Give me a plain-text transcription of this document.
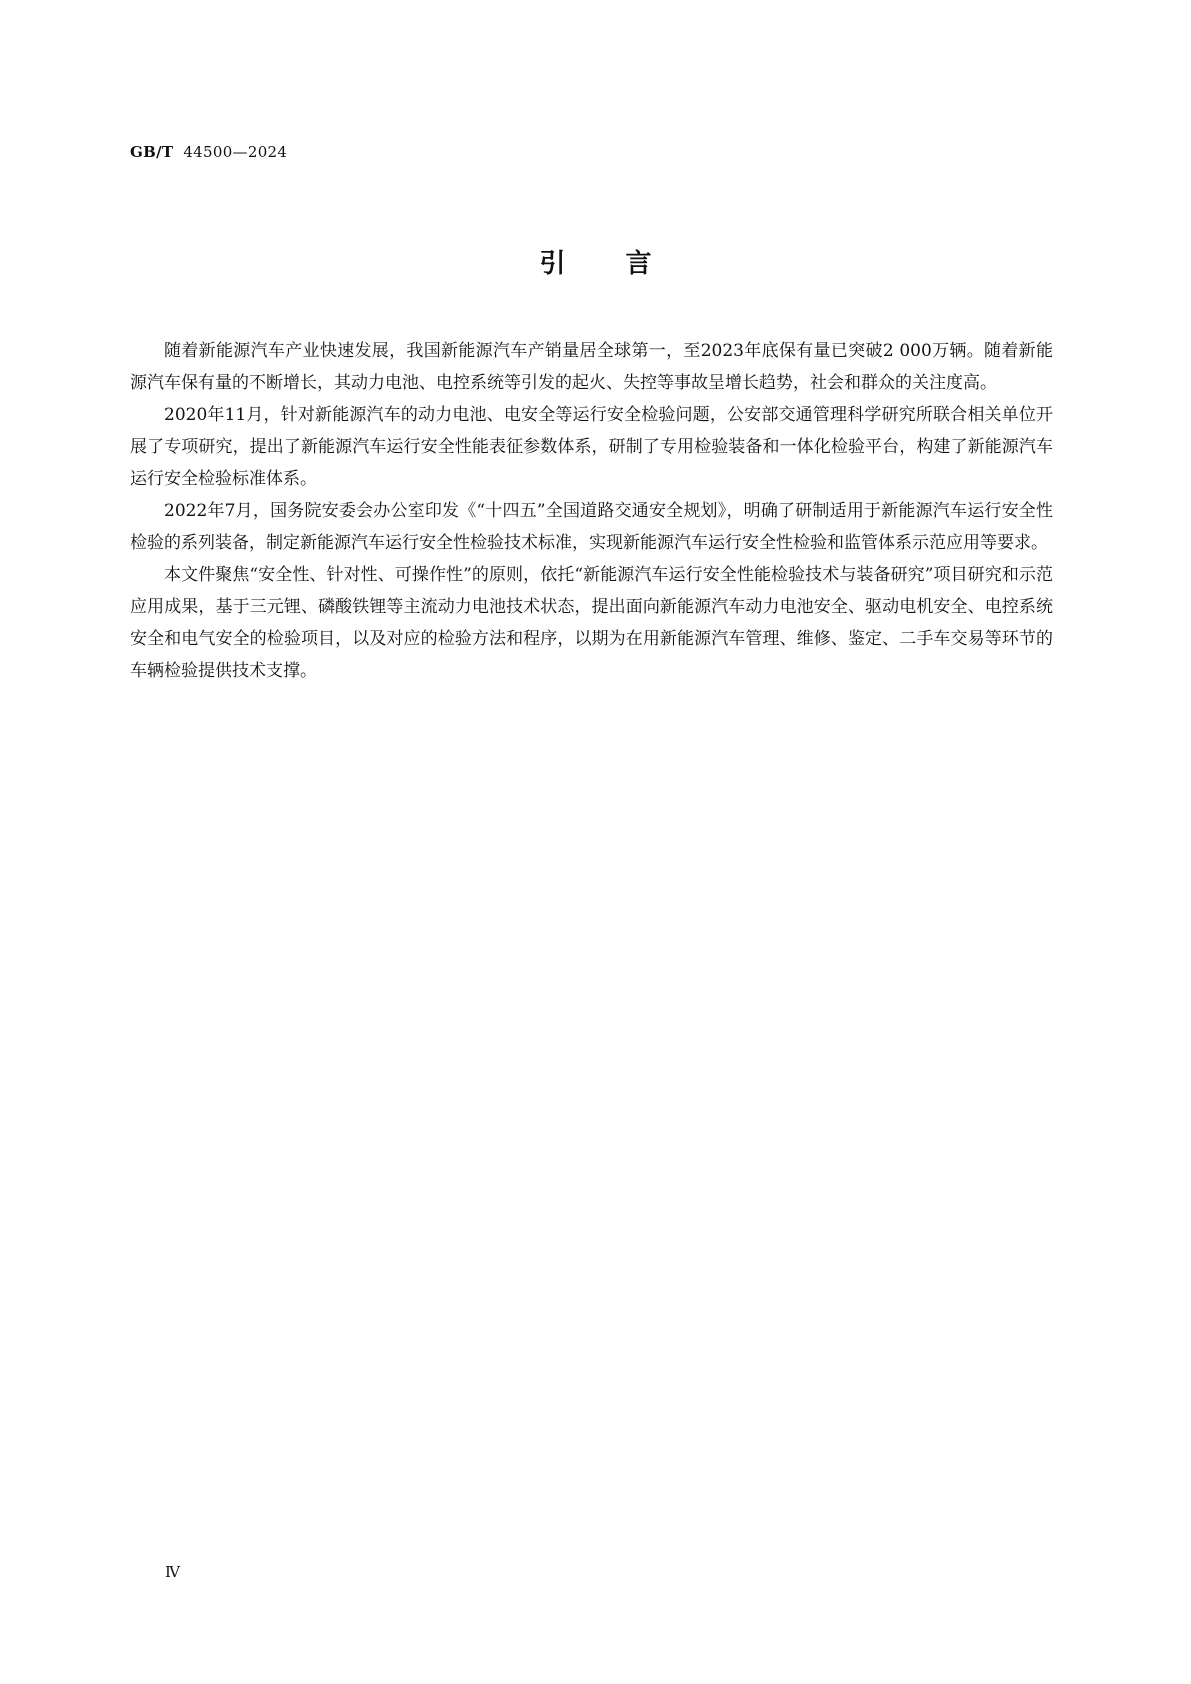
GB/T 44500—2024
引 言

随着新能源汽车产业快速发展，我国新能源汽车产销量居全球第一，至2023年底保有量已突破2 000万辆。随着新能源汽车保有量的不断增长，其动力电池、电控系统等引发的起火、失控等事故呈增长趋势，社会和群众的关注度高。

2020年11月，针对新能源汽车的动力电池、电安全等运行安全检验问题，公安部交通管理科学研究所联合相关单位开展了专项研究，提出了新能源汽车运行安全性能表征参数体系，研制了专用检验装备和一体化检验平台，构建了新能源汽车运行安全检验标准体系。

2022年7月，国务院安委会办公室印发《“十四五”全国道路交通安全规划》，明确了研制适用于新能源汽车运行安全性检验的系列装备，制定新能源汽车运行安全性检验技术标准，实现新能源汽车运行安全性检验和监管体系示范应用等要求。

本文件聚焦“安全性、针对性、可操作性”的原则，依托“新能源汽车运行安全性能检验技术与装备研究”项目研究和示范应用成果，基于三元锂、磷酸铁锂等主流动力电池技术状态，提出面向新能源汽车动力电池安全、驱动电机安全、电控系统安全和电气安全的检验项目，以及对应的检验方法和程序，以期为在用新能源汽车管理、维修、鉴定、二手车交易等环节的车辆检验提供技术支撑。

Ⅳ
